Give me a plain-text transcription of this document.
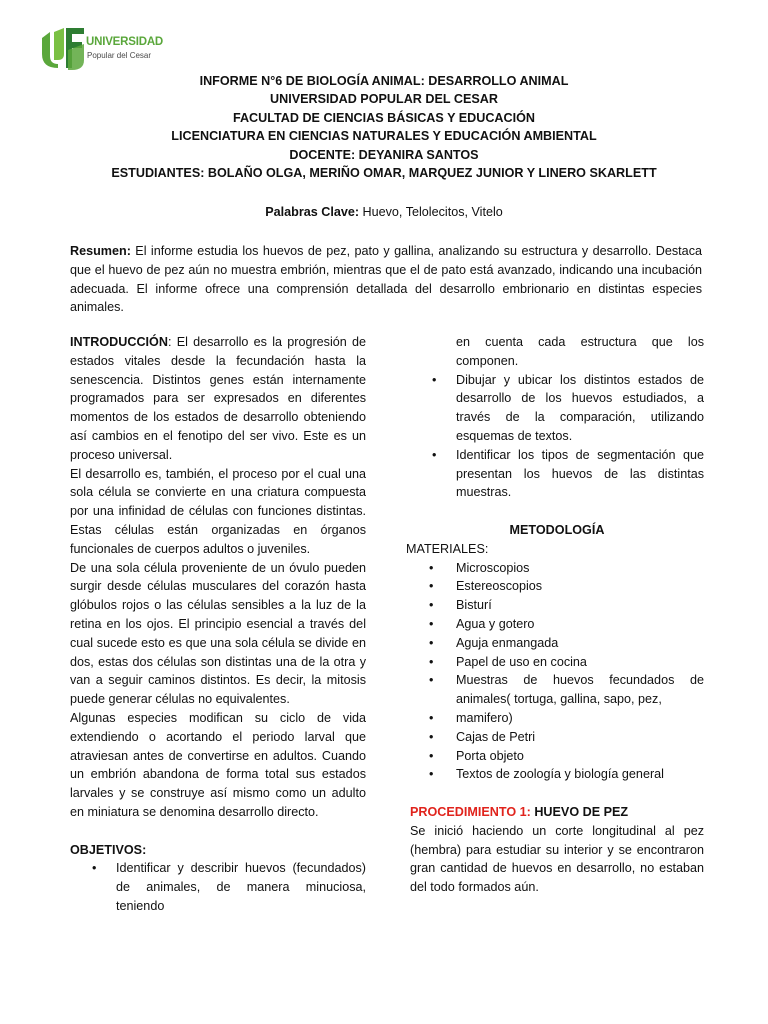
UNIVERSIDAD
Popular del Cesar
INFORME N°6 DE BIOLOGÍA ANIMAL: DESARROLLO ANIMAL
UNIVERSIDAD POPULAR DEL CESAR
FACULTAD DE CIENCIAS BÁSICAS Y EDUCACIÓN
LICENCIATURA EN CIENCIAS NATURALES Y EDUCACIÓN AMBIENTAL
DOCENTE: DEYANIRA SANTOS
ESTUDIANTES: BOLAÑO OLGA, MERIÑO OMAR, MARQUEZ JUNIOR Y LINERO SKARLETT
Palabras Clave: Huevo, Telolecitos, Vitelo
Resumen: El informe estudia los huevos de pez, pato y gallina, analizando su estructura y desarrollo. Destaca que el huevo de pez aún no muestra embrión, mientras que el de pato está avanzado, indicando una incubación adecuada. El informe ofrece una comprensión detallada del desarrollo embrionario en distintas especies animales.

INTRODUCCIÓN: El desarrollo es la progresión de estados vitales desde la fecundación hasta la senescencia. Distintos genes están internamente programados para ser expresados en diferentes momentos de los estados de desarrollo obteniendo así cambios en el fenotipo del ser vivo. Este es un proceso universal.

El desarrollo es, también, el proceso por el cual una sola célula se convierte en una criatura compuesta por una infinidad de células con funciones distintas. Estas células están organizadas en órganos funcionales de cuerpos adultos o juveniles.

De una sola célula proveniente de un óvulo pueden surgir desde células musculares del corazón hasta glóbulos rojos o las células sensibles a la luz de la retina en los ojos. El principio esencial a través del cual sucede esto es que una sola célula se divide en dos, estas dos células son distintas una de la otra y van a seguir caminos distintos. Es decir, la mitosis puede generar células no equivalentes.

Algunas especies modifican su ciclo de vida extendiendo o acortando el periodo larval que atraviesan antes de convertirse en adultos. Cuando un embrión abandona de forma total sus estados larvales y se construye así mismo como un adulto en miniatura se denomina desarrollo directo.

OBJETIVOS:

• Identificar y describir huevos (fecundados) de animales, de manera minuciosa, teniendo

en cuenta cada estructura que los componen.

• Dibujar y ubicar los distintos estados de desarrollo de los huevos estudiados, a través de la comparación, utilizando esquemas de textos.
• Identificar los tipos de segmentación que presentan los huevos de las distintas muestras.

METODOLOGÍA

MATERIALES:

• Microscopios
• Estereoscopios
• Bisturí
• Agua y gotero
• Aguja enmangada
• Papel de uso en cocina
• Muestras de huevos fecundados de animales( tortuga, gallina, sapo, pez,
• mamifero)
• Cajas de Petri
• Porta objeto
• Textos de zoología y biología general

PROCEDIMIENTO 1: HUEVO DE PEZ

Se inició haciendo un corte longitudinal al pez (hembra) para estudiar su interior y se encontraron gran cantidad de huevos en desarrollo, no estaban del todo formados aún.
